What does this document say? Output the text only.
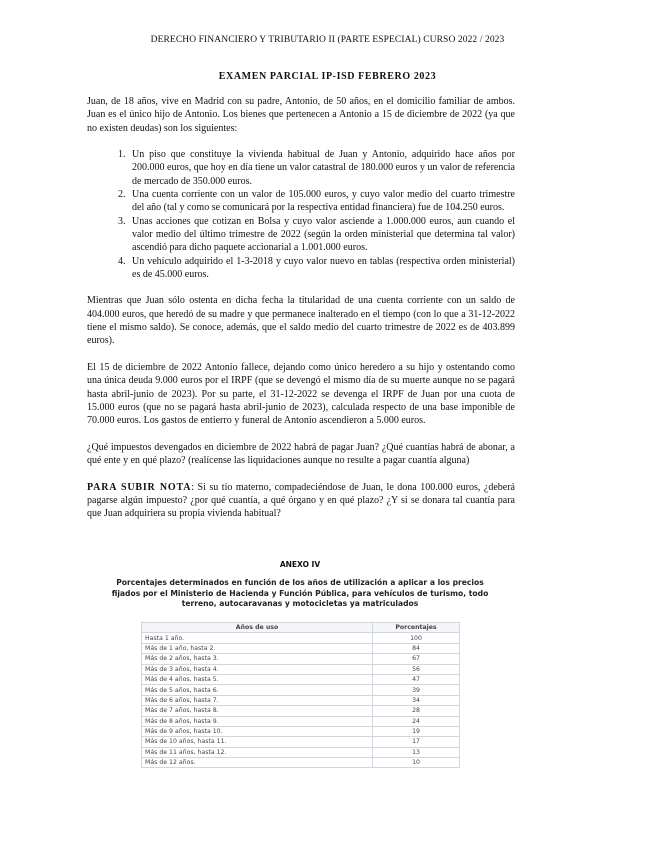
DERECHO FINANCIERO Y TRIBUTARIO II (PARTE ESPECIAL) CURSO 2022 / 2023
EXAMEN PARCIAL IP-ISD FEBRERO 2023

Juan, de 18 años, vive en Madrid con su padre, Antonio, de 50 años, en el domicilio familiar de ambos. Juan es el único hijo de Antonio. Los bienes que pertenecen a Antonio a 15 de diciembre de 2022 (ya que no existen deudas) son los siguientes:

1. Un piso que constituye la vivienda habitual de Juan y Antonio, adquirido hace años por 200.000 euros, que hoy en día tiene un valor catastral de 180.000 euros y un valor de referencia de mercado de 350.000 euros.
2. Una cuenta corriente con un valor de 105.000 euros, y cuyo valor medio del cuarto trimestre del año (tal y como se comunicará por la respectiva entidad financiera) fue de 104.250 euros.
3. Unas acciones que cotizan en Bolsa y cuyo valor asciende a 1.000.000 euros, aun cuando el valor medio del último trimestre de 2022 (según la orden ministerial que determina tal valor) ascendió para dicho paquete accionarial a 1.001.000 euros.
4. Un vehículo adquirido el 1-3-2018 y cuyo valor nuevo en tablas (respectiva orden ministerial) es de 45.000 euros.

Mientras que Juan sólo ostenta en dicha fecha la titularidad de una cuenta corriente con un saldo de 404.000 euros, que heredó de su madre y que permanece inalterado en el tiempo (con lo que a 31-12-2022 tiene el mismo saldo). Se conoce, además, que el saldo medio del cuarto trimestre de 2022 es de 403.899 euros).

El 15 de diciembre de 2022 Antonio fallece, dejando como único heredero a su hijo y ostentando como una única deuda 9.000 euros por el IRPF (que se devengó el mismo día de su muerte aunque no se pagará hasta abril-junio de 2023). Por su parte, el 31-12-2022 se devenga el IRPF de Juan por una cuota de 15.000 euros (que no se pagará hasta abril-junio de 2023), calculada respecto de una base imponible de 70.000 euros. Los gastos de entierro y funeral de Antonio ascendieron a 5.000 euros.

¿Qué impuestos devengados en diciembre de 2022 habrá de pagar Juan? ¿Qué cuantías habrá de abonar, a qué ente y en qué plazo? (realícense las liquidaciones aunque no resulte a pagar cuantía alguna)

PARA SUBIR NOTA: Si su tío materno, compadeciéndose de Juan, le dona 100.000 euros, ¿deberá pagarse algún impuesto? ¿por qué cuantía, a qué órgano y en qué plazo? ¿Y si se donara tal cuantía para que Juan adquiriera su propia vivienda habitual?

ANEXO IV
Porcentajes determinados en función de los años de utilización a aplicar a los precios fijados por el Ministerio de Hacienda y Función Pública, para vehículos de turismo, todo terreno, autocaravanas y motocicletas ya matriculados
Años de uso	Porcentajes
Hasta 1 año.	100
Más de 1 año, hasta 2.	84
Más de 2 años, hasta 3.	67
Más de 3 años, hasta 4.	56
Más de 4 años, hasta 5.	47
Más de 5 años, hasta 6.	39
Más de 6 años, hasta 7.	34
Más de 7 años, hasta 8.	28
Más de 8 años, hasta 9.	24
Más de 9 años, hasta 10.	19
Más de 10 años, hasta 11.	17
Más de 11 años, hasta 12.	13
Más de 12 años.	10
